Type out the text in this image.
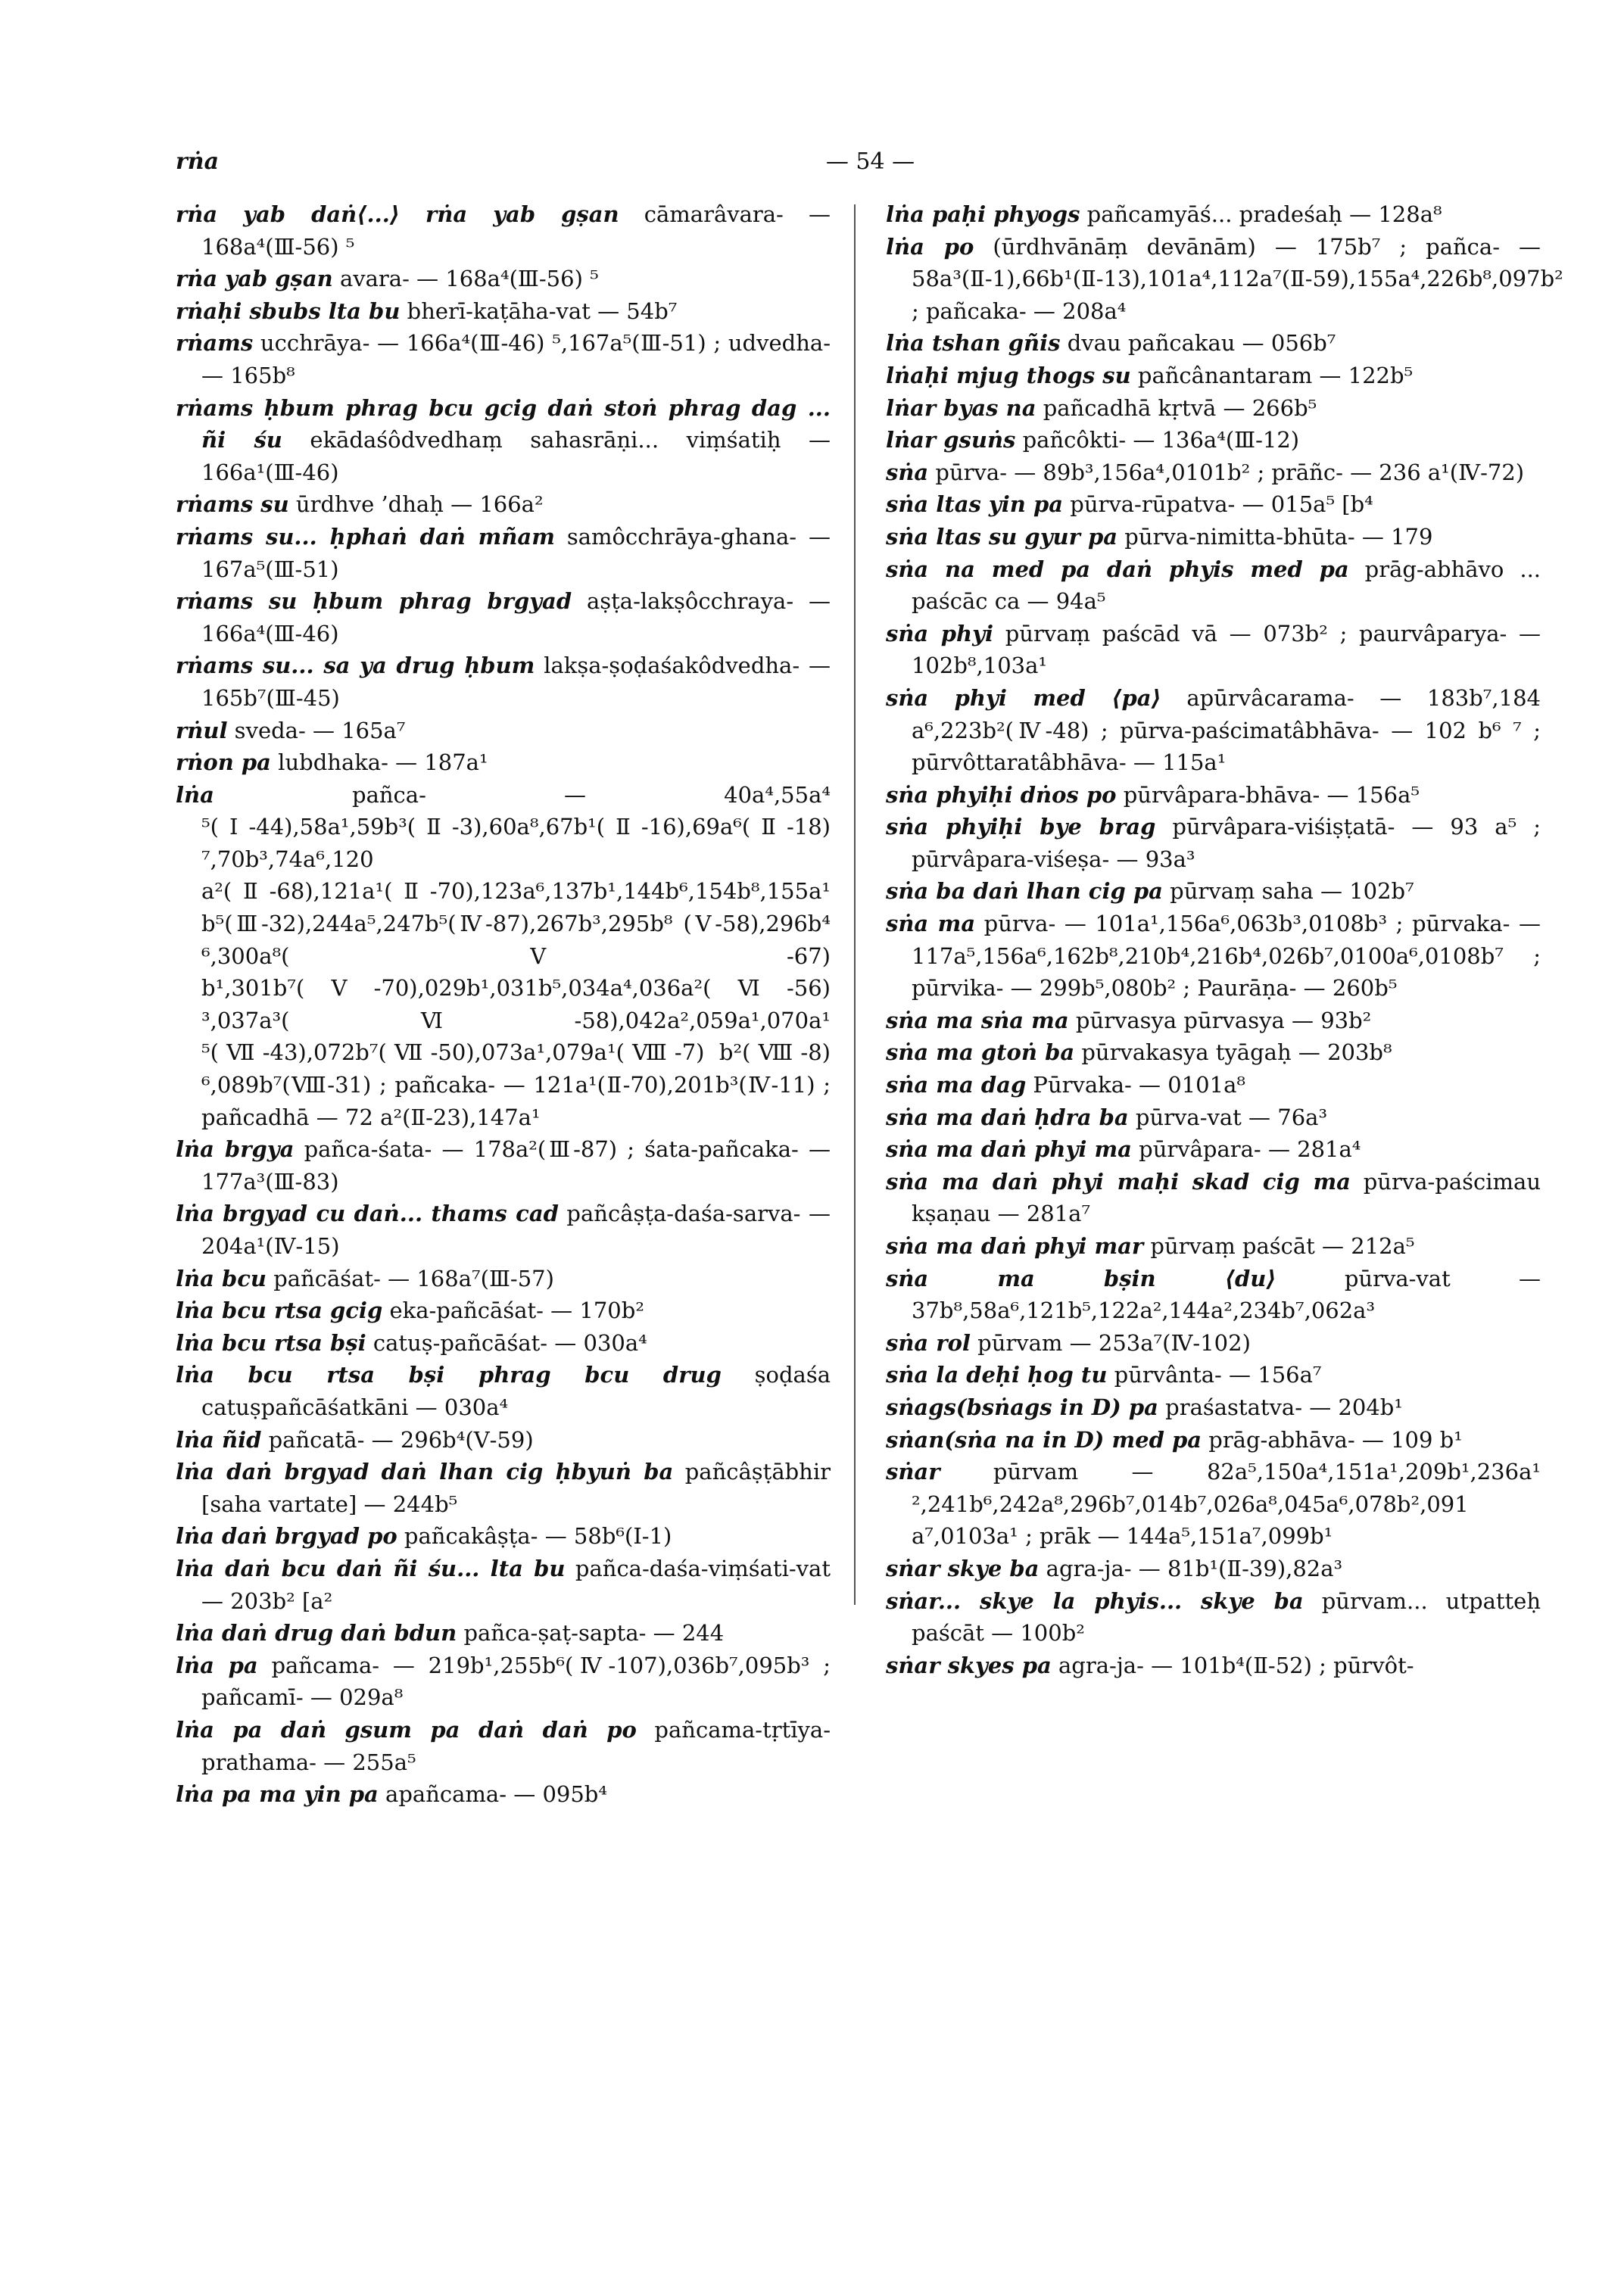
rṅa	— 54 —

rṅa yab daṅ⟨...⟩ rṅa yab gṣan cāmarâvara- — 168a⁴(Ⅲ-56) ⁵

rṅa yab gṣan avara- — 168a⁴(Ⅲ-56) ⁵

rṅaḥi sbubs lta bu bherī-kaṭāha-vat — 54b⁷

rṅams ucchrāya- — 166a⁴(Ⅲ-46) ⁵,167a⁵(Ⅲ-51) ; udvedha- — 165b⁸

rṅams ḥbum phrag bcu gcig daṅ stoṅ phrag dag ... ñi śu ekādaśôdvedhaṃ sahasrāṇi... viṃśatiḥ — 166a¹(Ⅲ-46)

rṅams su ūrdhve ’dhaḥ — 166a²

rṅams su... ḥphaṅ daṅ mñam samôcchrāya-ghana- — 167a⁵(Ⅲ-51)

rṅams su ḥbum phrag brgyad aṣṭa-lakṣôcchraya- — 166a⁴(Ⅲ-46)

rṅams su... sa ya drug ḥbum lakṣa-ṣoḍaśakôdvedha- — 165b⁷(Ⅲ-45)

rṅul sveda- — 165a⁷

rṅon pa lubdhaka- — 187a¹

lṅa pañca- — 40a⁴,55a⁴ ⁵(Ⅰ-44),58a¹,59b³(Ⅱ-3),60a⁸,67b¹(Ⅱ-16),69a⁶(Ⅱ-18) ⁷,70b³,74a⁶,120 a²(Ⅱ-68),121a¹(Ⅱ-70),123a⁶,137b¹,144b⁶,154b⁸,155a¹ b⁵(Ⅲ-32),244a⁵,247b⁵(Ⅳ-87),267b³,295b⁸ (Ⅴ-58),296b⁴ ⁶,300a⁸(Ⅴ-67) b¹,301b⁷(Ⅴ-70),029b¹,031b⁵,034a⁴,036a²(Ⅵ-56) ³,037a³(Ⅵ-58),042a²,059a¹,070a¹ ⁵(Ⅶ-43),072b⁷(Ⅶ-50),073a¹,079a¹(Ⅷ-7) b²(Ⅷ-8) ⁶,089b⁷(Ⅷ-31) ; pañcaka- — 121a¹(Ⅱ-70),201b³(Ⅳ-11) ; pañcadhā — 72 a²(Ⅱ-23),147a¹

lṅa brgya pañca-śata- — 178a²(Ⅲ-87) ; śata-pañcaka- — 177a³(Ⅲ-83)

lṅa brgyad cu daṅ... thams cad pañcâṣṭa-daśa-sarva- — 204a¹(Ⅳ-15)

lṅa bcu pañcāśat- — 168a⁷(Ⅲ-57)

lṅa bcu rtsa gcig eka-pañcāśat- — 170b²

lṅa bcu rtsa bṣi catuṣ-pañcāśat- — 030a⁴

lṅa bcu rtsa bṣi phrag bcu drug ṣoḍaśa catuṣpañcāśatkāni — 030a⁴

lṅa ñid pañcatā- — 296b⁴(Ⅴ-59)

lṅa daṅ brgyad daṅ lhan cig ḥbyuṅ ba pañcâṣṭābhir [saha vartate] — 244b⁵

lṅa daṅ brgyad po pañcakâṣṭa- — 58b⁶(Ⅰ-1)

lṅa daṅ bcu daṅ ñi śu... lta bu pañca-daśa-viṃśati-vat — 203b² [a²

lṅa daṅ drug daṅ bdun pañca-ṣaṭ-sapta- — 244

lṅa pa pañcama- — 219b¹,255b⁶(Ⅳ-107),036b⁷,095b³ ; pañcamī- — 029a⁸

lṅa pa daṅ gsum pa daṅ daṅ po pañcama-tṛtīya-prathama- — 255a⁵

lṅa pa ma yin pa apañcama- — 095b⁴

lṅa paḥi phyogs pañcamyāś... pradeśaḥ — 128a⁸

lṅa po (ūrdhvānāṃ devānām) — 175b⁷ ; pañca- — 58a³(Ⅱ-1),66b¹(Ⅱ-13),101a⁴,112a⁷(Ⅱ-59),155a⁴,226b⁸,097b² ; pañcaka- — 208a⁴

lṅa tshan gñis dvau pañcakau — 056b⁷

lṅaḥi mjug thogs su pañcânantaram — 122b⁵

lṅar byas na pañcadhā kṛtvā — 266b⁵

lṅar gsuṅs pañcôkti- — 136a⁴(Ⅲ-12)

sṅa pūrva- — 89b³,156a⁴,0101b² ; prāñc- — 236 a¹(Ⅳ-72)

sṅa ltas yin pa pūrva-rūpatva- — 015a⁵ [b⁴

sṅa ltas su gyur pa pūrva-nimitta-bhūta- — 179

sṅa na med pa daṅ phyis med pa prāg-abhāvo ... paścāc ca — 94a⁵

sṅa phyi pūrvaṃ paścād vā — 073b² ; paurvâparya- — 102b⁸,103a¹

sṅa phyi med ⟨pa⟩ apūrvâcarama- — 183b⁷,184 a⁶,223b²(Ⅳ-48) ; pūrva-paścimatâbhāva- — 102 b⁶ ⁷ ; pūrvôttaratâbhāva- — 115a¹

sṅa phyiḥi dṅos po pūrvâpara-bhāva- — 156a⁵

sṅa phyiḥi bye brag pūrvâpara-viśiṣṭatā- — 93 a⁵ ; pūrvâpara-viśeṣa- — 93a³

sṅa ba daṅ lhan cig pa pūrvaṃ saha — 102b⁷

sṅa ma pūrva- — 101a¹,156a⁶,063b³,0108b³ ; pūrvaka- — 117a⁵,156a⁶,162b⁸,210b⁴,216b⁴,026b⁷,0100a⁶,0108b⁷ ; pūrvika- — 299b⁵,080b² ; Paurāṇa- — 260b⁵

sṅa ma sṅa ma pūrvasya pūrvasya — 93b²

sṅa ma gtoṅ ba pūrvakasya tyāgaḥ — 203b⁸

sṅa ma dag Pūrvaka- — 0101a⁸

sṅa ma daṅ ḥdra ba pūrva-vat — 76a³

sṅa ma daṅ phyi ma pūrvâpara- — 281a⁴

sṅa ma daṅ phyi maḥi skad cig ma pūrva-paścimau kṣaṇau — 281a⁷

sṅa ma daṅ phyi mar pūrvaṃ paścāt — 212a⁵

sṅa ma bṣin ⟨du⟩ pūrva-vat — 37b⁸,58a⁶,121b⁵,122a²,144a²,234b⁷,062a³

sṅa rol pūrvam — 253a⁷(Ⅳ-102)

sṅa la deḥi ḥog tu pūrvânta- — 156a⁷

sṅags(bsṅags in D) pa praśastatva- — 204b¹

sṅan(sṅa na in D) med pa prāg-abhāva- — 109 b¹

sṅar pūrvam — 82a⁵,150a⁴,151a¹,209b¹,236a¹ ²,241b⁶,242a⁸,296b⁷,014b⁷,026a⁸,045a⁶,078b²,091 a⁷,0103a¹ ; prāk — 144a⁵,151a⁷,099b¹

sṅar skye ba agra-ja- — 81b¹(Ⅱ-39),82a³

sṅar... skye la phyis... skye ba pūrvam... utpatteḥ paścāt — 100b²

sṅar skyes pa agra-ja- — 101b⁴(Ⅱ-52) ; pūrvôt-
